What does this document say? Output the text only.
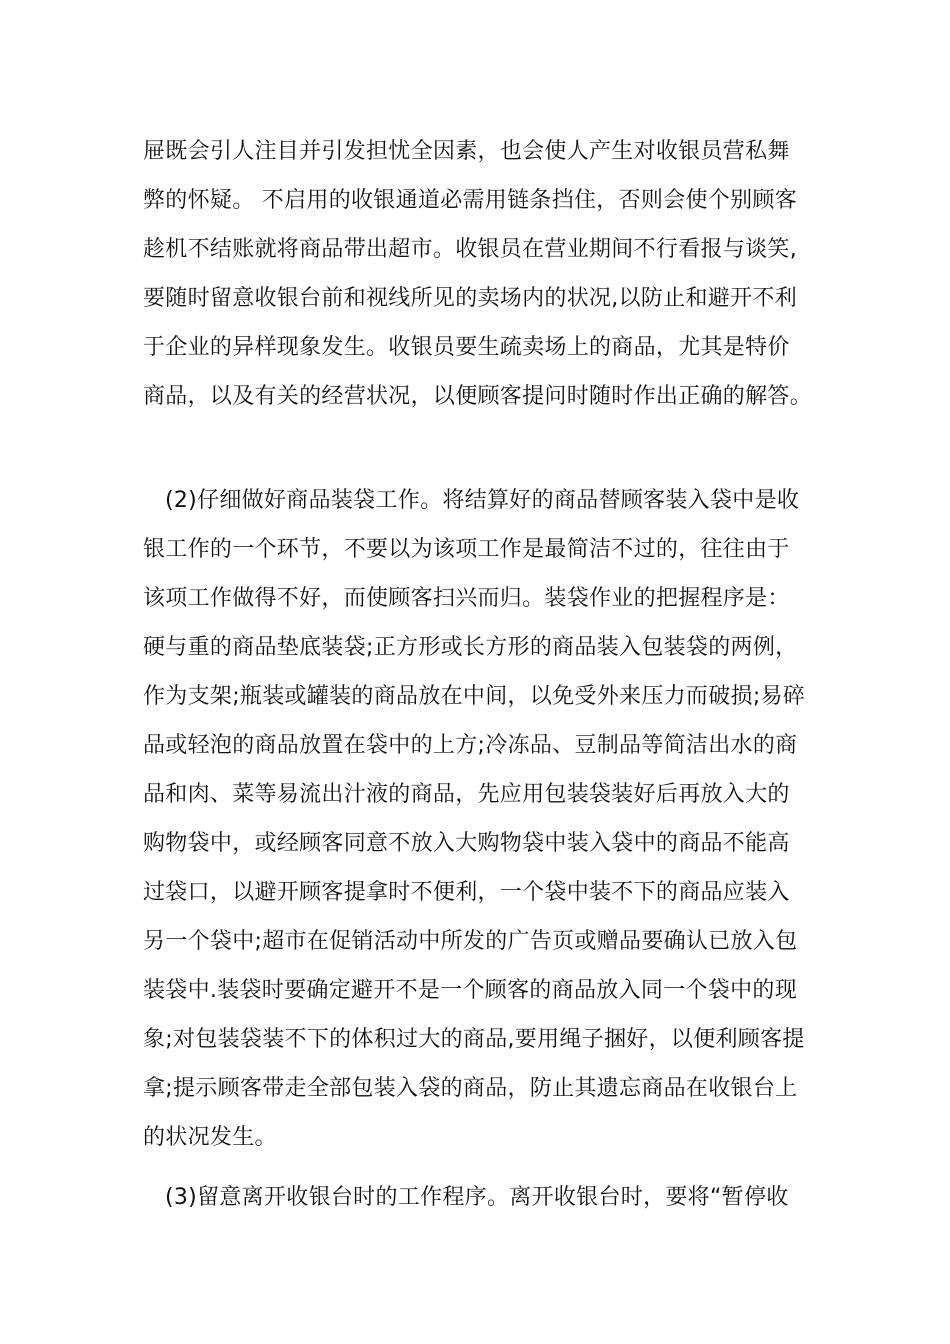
屉既会引人注目并引发担忧全因素，也会使人产生对收银员营私舞
弊的怀疑。 不启用的收银通道必需用链条挡住，否则会使个别顾客
趁机不结账就将商品带出超市。收银员在营业期间不行看报与谈笑,
要随时留意收银台前和视线所见的卖场内的状况,以防止和避开不利
于企业的异样现象发生。收银员要生疏卖场上的商品，尤其是特价
商品，以及有关的经营状况，以便顾客提问时随时作出正确的解答。
(2)仔细做好商品装袋工作。将结算好的商品替顾客装入袋中是收
银工作的一个环节，不要以为该项工作是最简洁不过的，往往由于
该项工作做得不好，而使顾客扫兴而归。装袋作业的把握程序是：
硬与重的商品垫底装袋;正方形或长方形的商品装入包装袋的两例，
作为支架;瓶装或罐装的商品放在中间，以免受外来压力而破损;易碎
品或轻泡的商品放置在袋中的上方;冷冻品、豆制品等简洁出水的商
品和肉、菜等易流出汁液的商品，先应用包装袋装好后再放入大的
购物袋中，或经顾客同意不放入大购物袋中装入袋中的商品不能高
过袋口，以避开顾客提拿时不便利，一个袋中装不下的商品应装入
另一个袋中;超市在促销活动中所发的广告页或赠品要确认已放入包
装袋中.装袋时要确定避开不是一个顾客的商品放入同一个袋中的现
象;对包装袋装不下的体积过大的商品,要用绳子捆好，以便利顾客提
拿;提示顾客带走全部包装入袋的商品，防止其遗忘商品在收银台上
的状况发生。
(3)留意离开收银台时的工作程序。离开收银台时，要将“暂停收
